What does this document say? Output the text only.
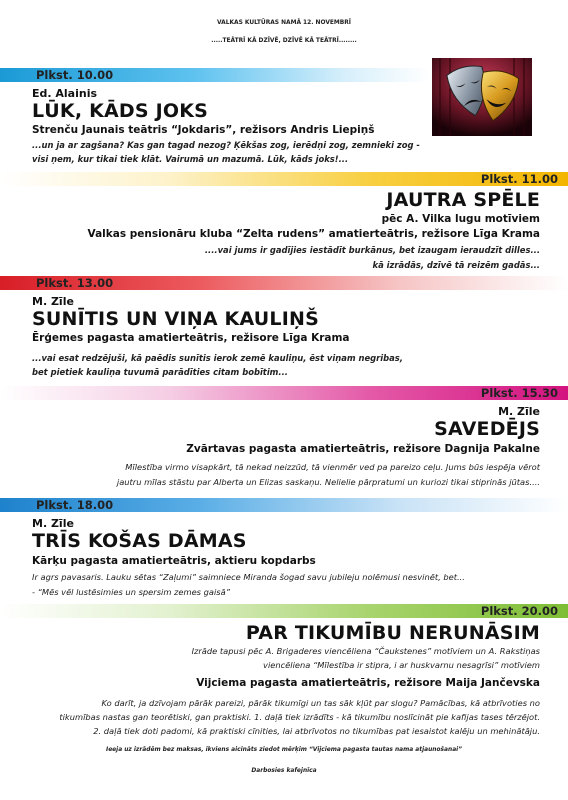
VALKAS KULTŪRAS NAMĀ 12. NOVEMBRĪ
.....TEĀTRĪ KĀ DZĪVĒ, DZĪVĒ KĀ TEĀTRĪ........
Plkst. 10.00
Ed. Alainis
LŪK, KĀDS JOKS
Strenču Jaunais teātris “Jokdaris”, režisors Andris Liepiņš
...un ja ar zagšana? Kas gan tagad nezog? Ķēkšas zog, ierēdņi zog, zemnieki zog -
visi ņem, kur tikai tiek klāt. Vairumā un mazumā. Lūk, kāds joks!...
Plkst. 11.00
JAUTRA SPĒLE
pēc A. Vilka lugu motīviem
Valkas pensionāru kluba “Zelta rudens” amatierteātris, režisore Līga Krama
....vai jums ir gadījies iestādīt burkānus, bet izaugam ieraudzīt dilles...
kā izrādās, dzīvē tā reizēm gadās...
Plkst. 13.00
M. Zīle
SUNĪTIS UN VIŅA KAULIŅŠ
Ērģemes pagasta amatierteātris, režisore Līga Krama
...vai esat redzējuši, kā paēdis sunītis ierok zemē kauliņu, ēst viņam negribas,
bet pietiek kauliņa tuvumā parādīties citam bobītim...
Plkst. 15.30
M. Zīle
SAVEDĒJS
Zvārtavas pagasta amatierteātris, režisore Dagnija Pakalne
Mīlestība virmo visapkārt, tā nekad neizzūd, tā vienmēr ved pa pareizo ceļu. Jums būs iespēja vērot
jautru mīlas stāstu par Alberta un Elizas saskaņu. Nelielie pārpratumi un kuriozi tikai stiprinās jūtas....
Plkst. 18.00
M. Zīle
TRĪS KOŠAS DĀMAS
Kārķu pagasta amatierteātris, aktieru kopdarbs
Ir agrs pavasaris. Lauku sētas “Zaļumi” saimniece Miranda šogad savu jubileju nolēmusi nesvinēt, bet...
- “Mēs vēl lustēsimies un spersim zemes gaisā”
Plkst. 20.00
PAR TIKUMĪBU NERUNĀSIM
Izrāde tapusi pēc A. Brigaderes viencēliena “Čaukstenes” motīviem un A. Rakstiņas
viencēliena “Mīlestība ir stipra, i ar huskvarnu nesagrīsi” motīviem
Vijciema pagasta amatierteātris, režisore Maija Jančevska
Ko darīt, ja dzīvojam pārāk pareizi, pārāk tikumīgi un tas sāk kļūt par slogu? Pamācības, kā atbrīvoties no
tikumības nastas gan teorētiski, gan praktiski. 1. daļā tiek izrādīts - kā tikumību noslīcināt pie kafijas tases tērzējot.
2. daļā tiek doti padomi, kā praktiski cīnities, lai atbrīvotos no tikumības pat iesaistot kalēju un mehinātāju.
Ieeja uz izrādēm bez maksas, ikviens aicināts ziedot mērķim “Vijciema pagasta tautas nama atjaunošanai”
Darbosies kafejnīca
